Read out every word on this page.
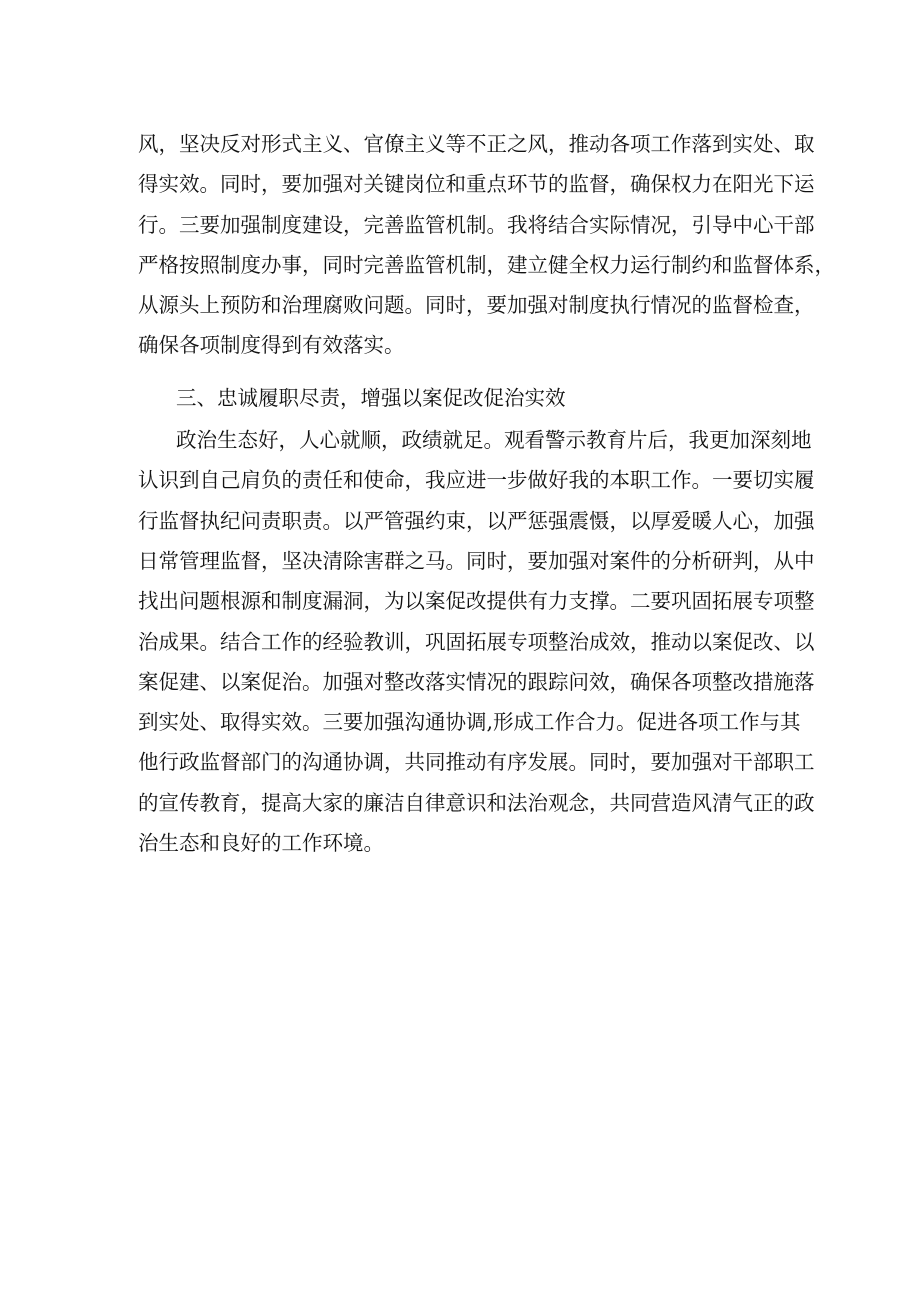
风，坚决反对形式主义、官僚主义等不正之风，推动各项工作落到实处、取
得实效。同时，要加强对关键岗位和重点环节的监督，确保权力在阳光下运
行。三要加强制度建设，完善监管机制。我将结合实际情况，引导中心干部
严格按照制度办事，同时完善监管机制，建立健全权力运行制约和监督体系，
从源头上预防和治理腐败问题。同时，要加强对制度执行情况的监督检查，
确保各项制度得到有效落实。
三、忠诚履职尽责，增强以案促改促治实效
政治生态好，人心就顺，政绩就足。观看警示教育片后，我更加深刻地
认识到自己肩负的责任和使命，我应进一步做好我的本职工作。一要切实履
行监督执纪问责职责。以严管强约束，以严惩强震慑，以厚爱暖人心，加强
日常管理监督，坚决清除害群之马。同时，要加强对案件的分析研判，从中
找出问题根源和制度漏洞，为以案促改提供有力支撑。二要巩固拓展专项整
治成果。结合工作的经验教训，巩固拓展专项整治成效，推动以案促改、以
案促建、以案促治。加强对整改落实情况的跟踪问效，确保各项整改措施落
到实处、取得实效。三要加强沟通协调,形成工作合力。促进各项工作与其
他行政监督部门的沟通协调，共同推动有序发展。同时，要加强对干部职工
的宣传教育，提高大家的廉洁自律意识和法治观念，共同营造风清气正的政
治生态和良好的工作环境。
